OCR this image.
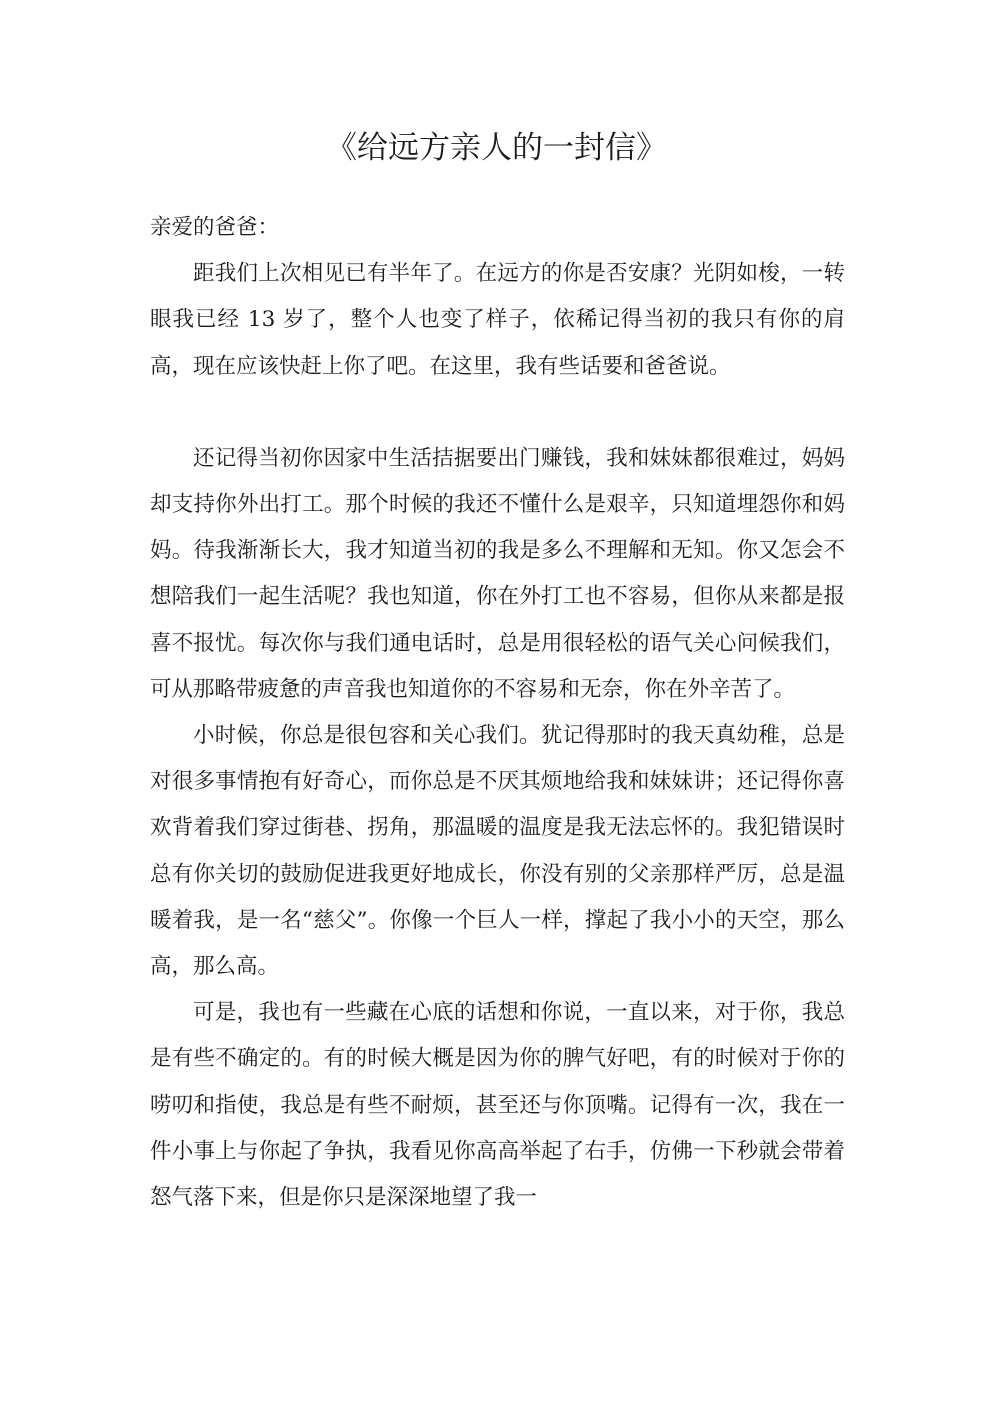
《给远方亲人的一封信》

亲爱的爸爸：

距我们上次相见已有半年了。在远方的你是否安康？光阴如梭，一转眼我已经 13 岁了，整个人也变了样子，依稀记得当初的我只有你的肩高，现在应该快赶上你了吧。在这里，我有些话要和爸爸说。

还记得当初你因家中生活拮据要出门赚钱，我和妹妹都很难过，妈妈却支持你外出打工。那个时候的我还不懂什么是艰辛，只知道埋怨你和妈妈。待我渐渐长大，我才知道当初的我是多么不理解和无知。你又怎会不想陪我们一起生活呢？我也知道，你在外打工也不容易，但你从来都是报喜不报忧。每次你与我们通电话时，总是用很轻松的语气关心问候我们，可从那略带疲惫的声音我也知道你的不容易和无奈，你在外辛苦了。

小时候，你总是很包容和关心我们。犹记得那时的我天真幼稚，总是对很多事情抱有好奇心，而你总是不厌其烦地给我和妹妹讲；还记得你喜欢背着我们穿过街巷、拐角，那温暖的温度是我无法忘怀的。我犯错误时总有你关切的鼓励促进我更好地成长，你没有别的父亲那样严厉，总是温暖着我，是一名“慈父”。你像一个巨人一样，撑起了我小小的天空，那么高，那么高。

可是，我也有一些藏在心底的话想和你说，一直以来，对于你，我总是有些不确定的。有的时候大概是因为你的脾气好吧，有的时候对于你的唠叨和指使，我总是有些不耐烦，甚至还与你顶嘴。记得有一次，我在一件小事上与你起了争执，我看见你高高举起了右手，仿佛一下秒就会带着怒气落下来，但是你只是深深地望了我一
